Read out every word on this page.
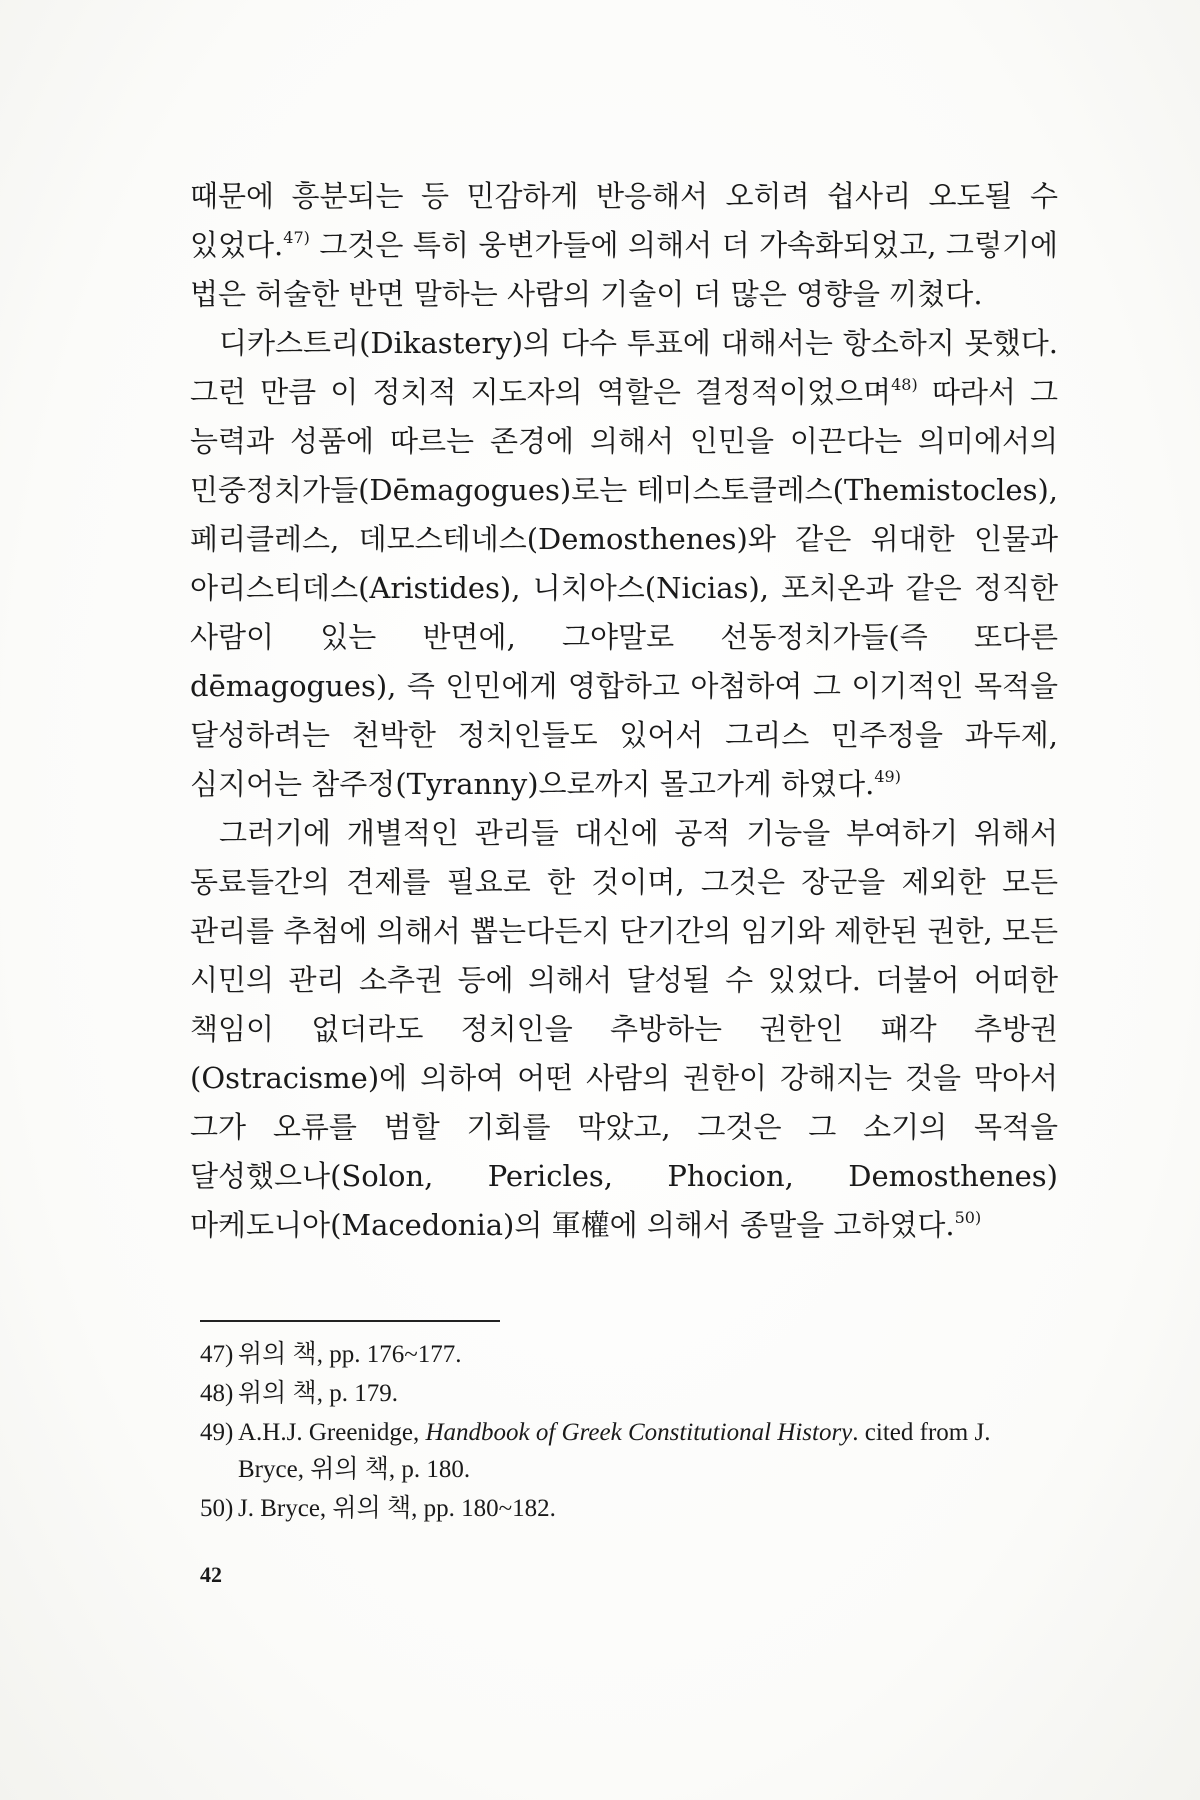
때문에 흥분되는 등 민감하게 반응해서 오히려 쉽사리 오도될 수 있었다.$^{47)}$ 그것은 특히 웅변가들에 의해서 더 가속화되었고, 그렇기에 법은 허술한 반면 말하는 사람의 기술이 더 많은 영향을 끼쳤다.

디카스트리(Dikastery)의 다수 투표에 대해서는 항소하지 못했다. 그런 만큼 이 정치적 지도자의 역할은 결정적이었으며$^{48)}$ 따라서 그 능력과 성품에 따르는 존경에 의해서 인민을 이끈다는 의미에서의 민중정치가들(Dēmagogues)로는 테미스토클레스(Themistocles), 페리클레스, 데모스테네스(Demosthenes)와 같은 위대한 인물과 아리스티데스(Aristides), 니치아스(Nicias), 포치온과 같은 정직한 사람이 있는 반면에, 그야말로 선동정치가들(즉 또다른 dēmagogues), 즉 인민에게 영합하고 아첨하여 그 이기적인 목적을 달성하려는 천박한 정치인들도 있어서 그리스 민주정을 과두제, 심지어는 참주정(Tyranny)으로까지 몰고가게 하였다.$^{49)}$

그러기에 개별적인 관리들 대신에 공적 기능을 부여하기 위해서 동료들간의 견제를 필요로 한 것이며, 그것은 장군을 제외한 모든 관리를 추첨에 의해서 뽑는다든지 단기간의 임기와 제한된 권한, 모든 시민의 관리 소추권 등에 의해서 달성될 수 있었다. 더불어 어떠한 책임이 없더라도 정치인을 추방하는 권한인 패각 추방권(Ostracisme)에 의하여 어떤 사람의 권한이 강해지는 것을 막아서 그가 오류를 범할 기회를 막았고, 그것은 그 소기의 목적을 달성했으나(Solon, Pericles, Phocion, Demosthenes) 마케도니아(Macedonia)의 軍權에 의해서 종말을 고하였다.$^{50)}$

47) 위의 책, pp. 176~177.

48) 위의 책, p. 179.

49) A.H.J. Greenidge, Handbook of Greek Constitutional History. cited from J. Bryce, 위의 책, p. 180.

50) J. Bryce, 위의 책, pp. 180~182.

42
